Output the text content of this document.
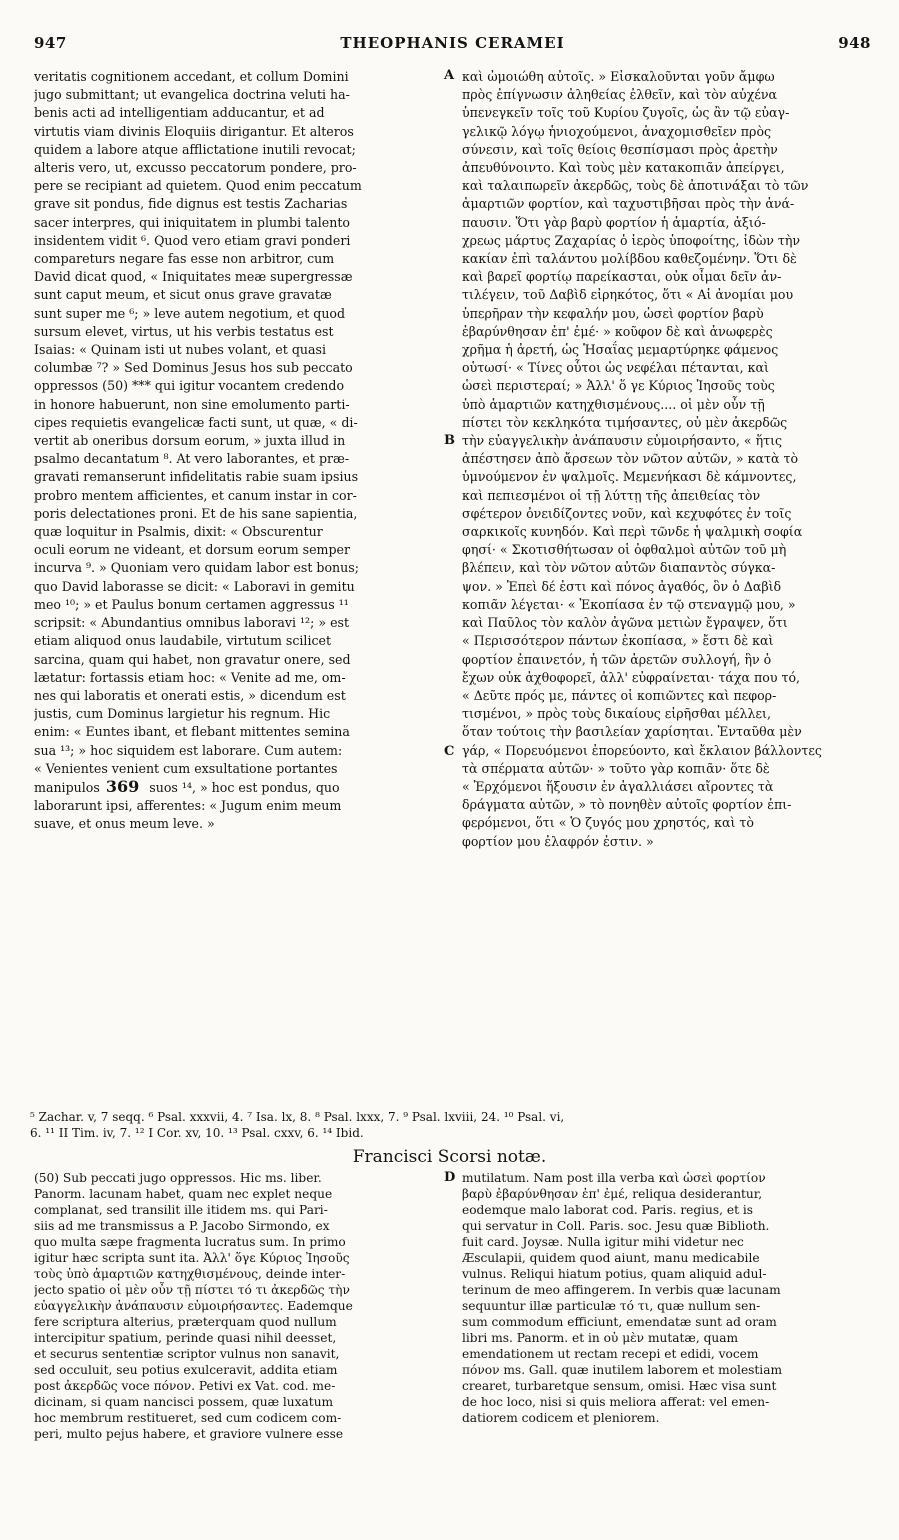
947	THEOPHANIS CERAMEI	948
veritatis cognitionem accedant, et collum Domini
jugo submittant; ut evangelica doctrina veluti ha-
benis acti ad intelligentiam adducantur, et ad
virtutis viam divinis Eloquiis dirigantur. Et alteros
quidem a labore atque afflictatione inutili revocat;
alteris vero, ut, excusso peccatorum pondere, pro-
pere se recipiant ad quietem. Quod enim peccatum
grave sit pondus, fide dignus est testis Zacharias
sacer interpres, qui iniquitatem in plumbi talento
insidentem vidit ⁶. Quod vero etiam gravi ponderi
compareturs negare fas esse non arbitror, cum
David dicat quod, « Iniquitates meæ supergressæ
sunt caput meum, et sicut onus grave gravatæ
sunt super me ⁶; » leve autem negotium, et quod
sursum elevet, virtus, ut his verbis testatus est
Isaias: « Quinam isti ut nubes volant, et quasi
columbæ ⁷? » Sed Dominus Jesus hos sub peccato
oppressos (50) *** qui igitur vocantem credendo
in honore habuerunt, non sine emolumento parti-
cipes requietis evangelicæ facti sunt, ut quæ, « di-
vertit ab oneribus dorsum eorum, » juxta illud in
psalmo decantatum ⁸. At vero laborantes, et præ-
gravati remanserunt infidelitatis rabie suam ipsius
probro mentem afficientes, et canum instar in cor-
poris delectationes proni. Et de his sane sapientia,
quæ loquitur in Psalmis, dixit: « Obscurentur
oculi eorum ne videant, et dorsum eorum semper
incurva ⁹. » Quoniam vero quidam labor est bonus;
quo David laborasse se dicit: « Laboravi in gemitu
meo ¹⁰; » et Paulus bonum certamen aggressus ¹¹
scripsit: « Abundantius omnibus laboravi ¹²; » est
etiam aliquod onus laudabile, virtutum scilicet
sarcina, quam qui habet, non gravatur onere, sed
lætatur: fortassis etiam hoc: « Venite ad me, om-
nes qui laboratis et onerati estis, » dicendum est
justis, cum Dominus largietur his regnum. Hic
enim: « Euntes ibant, et flebant mittentes semina
sua ¹³; » hoc siquidem est laborare. Cum autem:
« Venientes venient cum exsultatione portantes
manipulos 369 suos ¹⁴, » hoc est pondus, quo
laborarunt ipsi, afferentes: « Jugum enim meum
suave, et onus meum leve. »
καὶ ὠμοιώθη αὐτοῖς. » Εἰσκαλοῦνται γοῦν ἄμφω
πρὸς ἐπίγνωσιν ἀληθείας ἐλθεῖν, καὶ τὸν αὐχένα
ὑπενεγκεῖν τοῖς τοῦ Κυρίου ζυγοῖς, ὡς ἂν τῷ εὐαγ-
γελικῷ λόγῳ ἡνιοχούμενοι, ἀναχομισθεῖεν πρὸς
σύνεσιν, καὶ τοῖς θείοις θεσπίσμασι πρὸς ἀρετὴν
ἀπευθύνοιντο. Καὶ τοὺς μὲν κατακοπιᾶν ἀπείργει,
καὶ ταλαιπωρεῖν ἀκερδῶς, τοὺς δὲ ἀποτινάξαι τὸ τῶν
ἁμαρτιῶν φορτίον, καὶ ταχυστιβῆσαι πρὸς τὴν ἀνά-
παυσιν. Ὅτι γὰρ βαρὺ φορτίον ἡ ἁμαρτία, ἀξιό-
χρεως μάρτυς Ζαχαρίας ὁ ἱερὸς ὑποφοίτης, ἰδὼν τὴν
κακίαν ἐπὶ ταλάντου μολίβδου καθεζομένην. Ὅτι δὲ
καὶ βαρεῖ φορτίῳ παρείκασται, οὐκ οἶμαι δεῖν ἀν-
τιλέγειν, τοῦ Δαβὶδ εἰρηκότος, ὅτι « Αἱ ἀνομίαι μου
ὑπερῆραν τὴν κεφαλήν μου, ὡσεὶ φορτίον βαρὺ
ἐβαρύνθησαν ἐπ' ἐμέ· » κοῦφον δὲ καὶ ἀνωφερὲς
χρῆμα ἡ ἀρετή, ὡς Ἡσαΐας μεμαρτύρηκε φάμενος
οὑτωσί· « Τίνες οὗτοι ὡς νεφέλαι πέτανται, καὶ
ὡσεὶ περιστεραί; » Ἀλλ' ὅ γε Κύριος Ἰησοῦς τοὺς
ὑπὸ ἁμαρτιῶν κατηχθισμένους.... οἱ μὲν οὖν τῇ
πίστει τὸν κεκληκότα τιμήσαντες, οὐ μὲν ἀκερδῶς
τὴν εὐαγγελικὴν ἀνάπαυσιν εὐμοιρήσαντο, « ἥτις
ἀπέστησεν ἀπὸ ἄρσεων τὸν νῶτον αὐτῶν, » κατὰ τὸ
ὑμνούμενον ἐν ψαλμοῖς. Μεμενήκασι δὲ κάμνοντες,
καὶ πεπιεσμένοι οἱ τῇ λύττῃ τῆς ἀπειθείας τὸν
σφέτερον ὀνειδίζοντες νοῦν, καὶ κεχυφότες ἐν τοῖς
σαρκικοῖς κυνηδόν. Καὶ περὶ τῶνδε ἡ ψαλμικὴ σοφία
φησί· « Σκοτισθήτωσαν οἱ ὀφθαλμοὶ αὐτῶν τοῦ μὴ
βλέπειν, καὶ τὸν νῶτον αὐτῶν διαπαντὸς σύγκα-
ψον. » Ἐπεὶ δέ ἐστι καὶ πόνος ἀγαθός, ὃν ὁ Δαβὶδ
κοπιᾶν λέγεται· « Ἐκοπίασα ἐν τῷ στεναγμῷ μου, »
καὶ Παῦλος τὸν καλὸν ἀγῶνα μετιὼν ἔγραψεν, ὅτι
« Περισσότερον πάντων ἐκοπίασα, » ἔστι δὲ καὶ
φορτίον ἐπαινετόν, ἡ τῶν ἀρετῶν συλλογή, ἣν ὁ
ἔχων οὐκ ἀχθοφορεῖ, ἀλλ' εὐφραίνεται· τάχα που τό,
« Δεῦτε πρός με, πάντες οἱ κοπιῶντες καὶ πεφορ-
τισμένοι, » πρὸς τοὺς δικαίους εἰρῆσθαι μέλλει,
ὅταν τούτοις τὴν βασιλείαν χαρίσηται. Ἐνταῦθα μὲν
γάρ, « Πορευόμενοι ἐπορεύοντο, καὶ ἔκλαιον βάλλοντες
τὰ σπέρματα αὐτῶν· » τοῦτο γὰρ κοπιᾶν· ὅτε δὲ
« Ἐρχόμενοι ἥξουσιν ἐν ἀγαλλιάσει αἴροντες τὰ
δράγματα αὐτῶν, » τὸ πονηθὲν αὐτοῖς φορτίον ἐπι-
φερόμενοι, ὅτι « Ὁ ζυγός μου χρηστός, καὶ τὸ
φορτίον μου ἐλαφρόν ἐστιν. »
A
B
C
D
⁵ Zachar. v, 7 seqq. ⁶ Psal. xxxvii, 4. ⁷ Isa. lx, 8. ⁸ Psal. lxxx, 7. ⁹ Psal. lxviii, 24. ¹⁰ Psal. vi,
6. ¹¹ II Tim. iv, 7. ¹² I Cor. xv, 10. ¹³ Psal. cxxv, 6. ¹⁴ Ibid.
Francisci Scorsi notæ.
(50) Sub peccati jugo oppressos. Hic ms. liber.
Panorm. lacunam habet, quam nec explet neque
complanat, sed transilit ille itidem ms. qui Pari-
siis ad me transmissus a P. Jacobo Sirmondo, ex
quo multa sæpe fragmenta lucratus sum. In primo
igitur hæc scripta sunt ita. Ἀλλ' ὅγε Κύριος Ἰησοῦς
τοὺς ὑπὸ ἁμαρτιῶν κατηχθισμένους, deinde inter-
jecto spatio οἱ μὲν οὖν τῇ πίστει τό τι ἀκερδῶς τὴν
εὐαγγελικὴν ἀνάπαυσιν εὐμοιρήσαντες. Eademque
fere scriptura alterius, præterquam quod nullum
intercipitur spatium, perinde quasi nihil deesset,
et securus sententiæ scriptor vulnus non sanavit,
sed occuluit, seu potius exulceravit, addita etiam
post ἀκερδῶς voce πόνον. Petivi ex Vat. cod. me-
dicinam, si quam nancisci possem, quæ luxatum
hoc membrum restitueret, sed cum codicem com-
peri, multo pejus habere, et graviore vulnere esse
mutilatum. Nam post illa verba καὶ ὡσεὶ φορτίον
βαρὺ ἐβαρύνθησαν ἐπ' ἐμέ, reliqua desiderantur,
eodemque malo laborat cod. Paris. regius, et is
qui servatur in Coll. Paris. soc. Jesu quæ Biblioth.
fuit card. Joysæ. Nulla igitur mihi videtur nec
Æsculapii, quidem quod aiunt, manu medicabile
vulnus. Reliqui hiatum potius, quam aliquid adul-
terinum de meo affingerem. In verbis quæ lacunam
sequuntur illæ particulæ τό τι, quæ nullum sen-
sum commodum efficiunt, emendatæ sunt ad oram
libri ms. Panorm. et in οὐ μὲν mutatæ, quam
emendationem ut rectam recepi et edidi, vocem
πόνον ms. Gall. quæ inutilem laborem et molestiam
crearet, turbaretque sensum, omisi. Hæc visa sunt
de hoc loco, nisi si quis meliora afferat: vel emen-
datiorem codicem et pleniorem.
